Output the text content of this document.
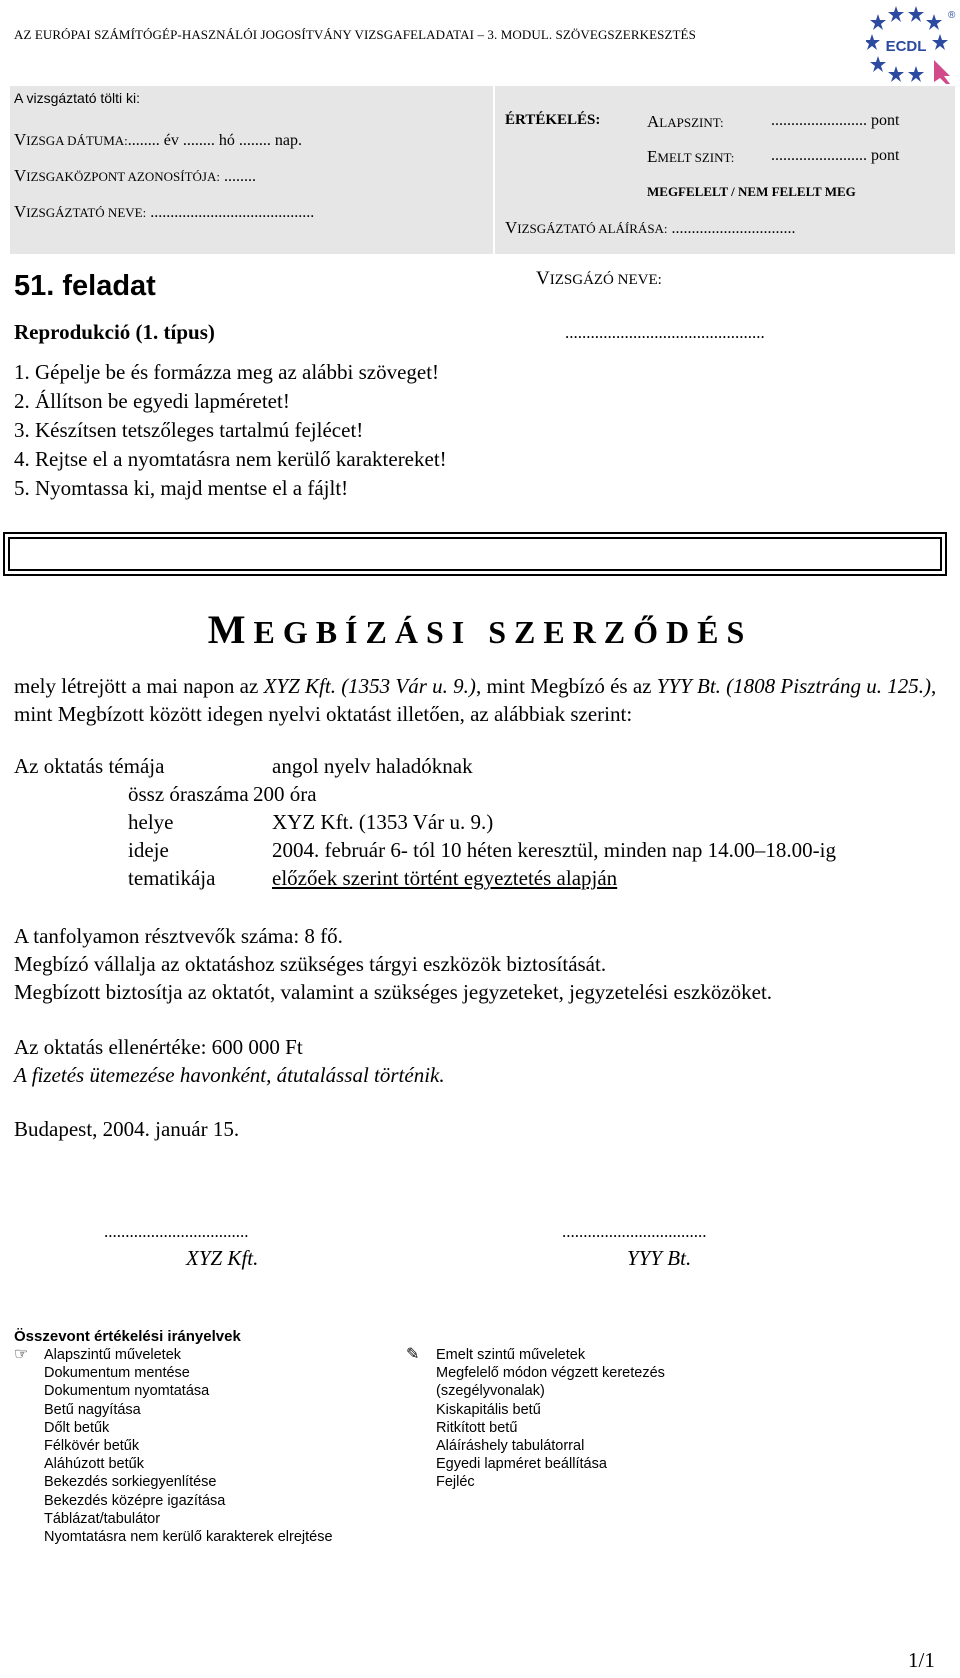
AZ EURÓPAI SZÁMÍTÓGÉP-HASZNÁLÓI JOGOSÍTVÁNY VIZSGAFELADATAI – 3. MODUL. SZÖVEGSZERKESZTÉS
ECDL
®
A vizsgáztató tölti ki:
VIZSGA DÁTUMA:........ év ........ hó ........ nap.
VIZSGAKÖZPONT AZONOSÍTÓJA: ........
VIZSGÁZTATÓ NEVE: .........................................
ÉRTÉKELÉS:	ALAPSZINT:	........................ pont
EMELT SZINT: ........................ pont
MEGFELELT / NEM FELELT MEG
VIZSGÁZTATÓ ALÁÍRÁSA: ...............................
51. feladat	VIZSGÁZÓ NEVE:
Reprodukció (1. típus)	...............................................
1. Gépelje be és formázza meg az alábbi szöveget!
2. Állítson be egyedi lapméretet!
3. Készítsen tetszőleges tartalmú fejlécet!
4. Rejtse el a nyomtatásra nem kerülő karaktereket!
5. Nyomtassa ki, majd mentse el a fájlt!
MEGBÍZÁSI SZERZŐDÉS
mely létrejött a mai napon az XYZ Kft. (1353 Vár u. 9.), mint Megbízó és az YYY Bt. (1808 Pisztráng u. 125.), mint Megbízott között idegen nyelvi oktatást illetően, az alábbiak szerint:
Az oktatás témája	angol nyelv haladóknak
össz óraszáma 200 óra
helye	XYZ Kft. (1353 Vár u. 9.)
ideje	2004. február 6- tól 10 héten keresztül, minden nap 14.00–18.00-ig
tematikája	előzőek szerint történt egyeztetés alapján
A tanfolyamon résztvevők száma: 8 fő.
Megbízó vállalja az oktatáshoz szükséges tárgyi eszközök biztosítását.
Megbízott biztosítja az oktatót, valamint a szükséges jegyzeteket, jegyzetelési eszközöket.
Az oktatás ellenértéke: 600 000 Ft
A fizetés ütemezése havonként, átutalással történik.
Budapest, 2004. január 15.
..................................	..................................
XYZ Kft.	YYY Bt.
Összevont értékelési irányelvek
☞ Alapszintű műveletek
Dokumentum mentése
Dokumentum nyomtatása
Betű nagyítása
Dőlt betűk
Félkövér betűk
Aláhúzott betűk
Bekezdés sorkiegyenlítése
Bekezdés középre igazítása
Táblázat/tabulátor
Nyomtatásra nem kerülő karakterek elrejtése
✎ Emelt szintű műveletek
Megfelelő módon végzett keretezés
(szegélyvonalak)
Kiskapitális betű
Ritkított betű
Aláíráshely tabulátorral
Egyedi lapméret beállítása
Fejléc
1/1
